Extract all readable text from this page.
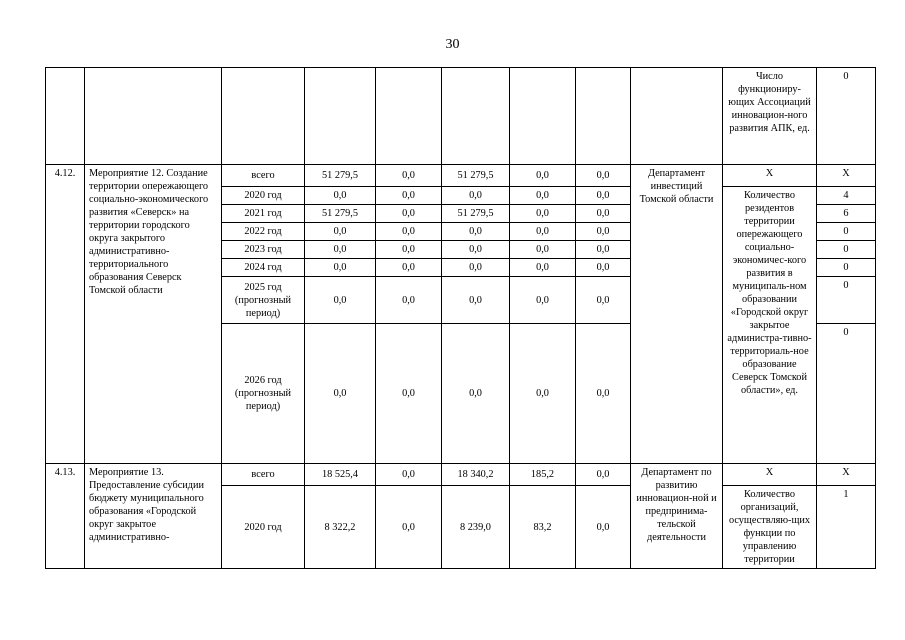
30
									Число функциониру-ющих Ассоциаций инновацион-ного развития АПК, ед.	0
4.12.	Мероприятие 12. Создание территории опережающего социально-экономического развития «Северск» на территории городского округа закрытого административно-территориального образования Северск Томской области	всего	51 279,5	0,0	51 279,5	0,0	0,0	Департамент инвестиций Томской области	Х	Х
		2020 год	0,0	0,0	0,0	0,0	0,0		Количество резидентов территории опережающего социально-экономичес-кого развития в муниципаль-ном образовании «Городской округ закрытое администра-тивно-территориаль-ное образование Северск Томской области», ед.	4
		2021 год	51 279,5	0,0	51 279,5	0,0	0,0			6
		2022 год	0,0	0,0	0,0	0,0	0,0			0
		2023 год	0,0	0,0	0,0	0,0	0,0			0
		2024 год	0,0	0,0	0,0	0,0	0,0			0
		2025 год (прогнозный период)	0,0	0,0	0,0	0,0	0,0			0
		2026 год (прогнозный период)	0,0	0,0	0,0	0,0	0,0			0
4.13.	Мероприятие 13. Предоставление субсидии бюджету муниципального образования «Городской округ закрытое административно-	всего	18 525,4	0,0	18 340,2	185,2	0,0	Департамент по развитию инновацион-ной и предпринима-тельской деятельности	Х	Х
		2020 год	8 322,2	0,0	8 239,0	83,2	0,0		Количество организаций, осуществляю-щих функции по управлению территории	1
